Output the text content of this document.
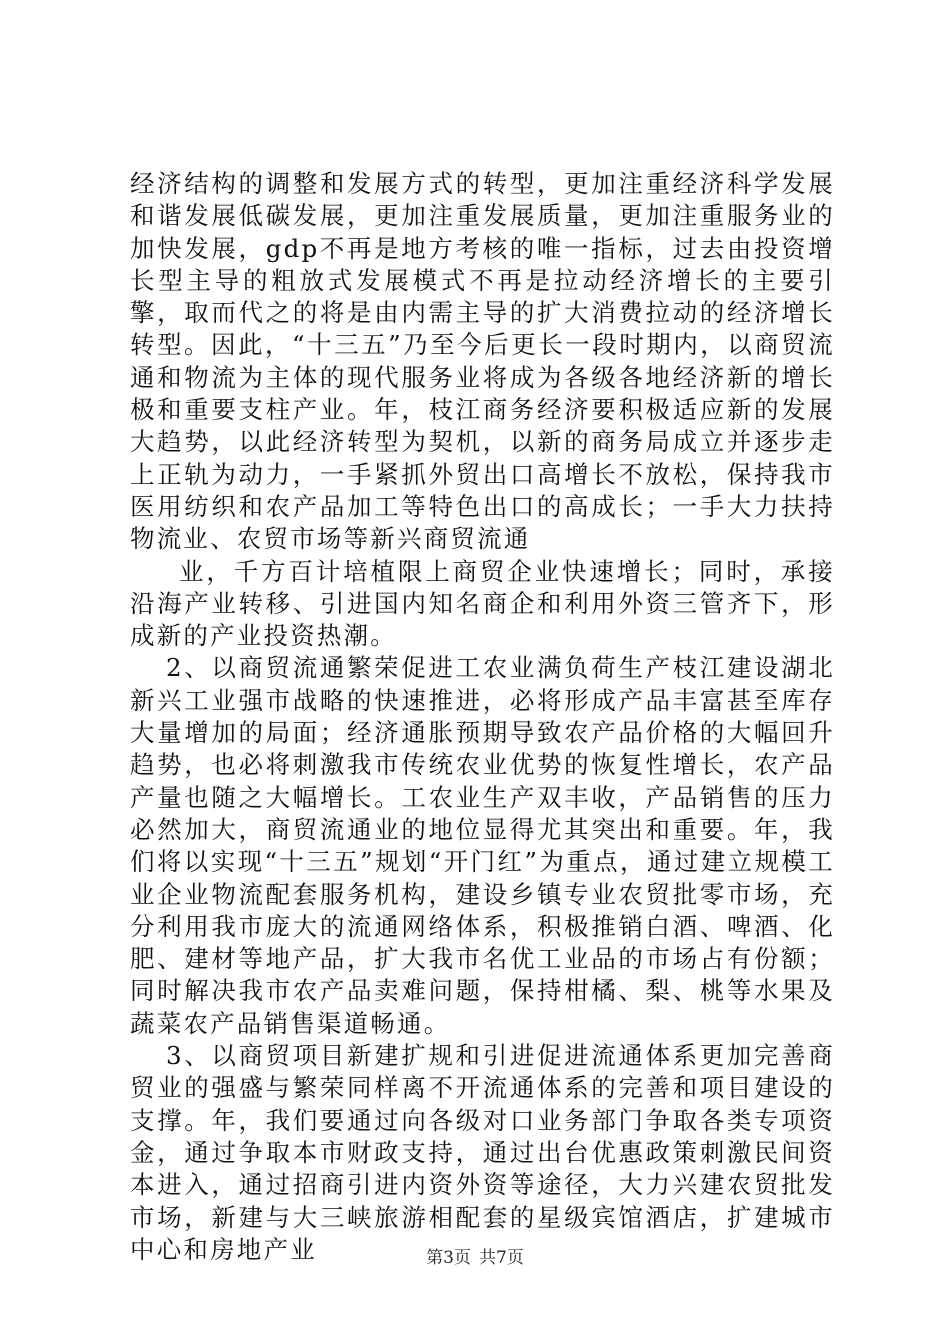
经济结构的调整和发展方式的转型，更加注重经济科学发展和谐发展低碳发展，更加注重发展质量，更加注重服务业的加快发展，gdp不再是地方考核的唯一指标，过去由投资增长型主导的粗放式发展模式不再是拉动经济增长的主要引擎，取而代之的将是由内需主导的扩大消费拉动的经济增长转型。因此，“十三五”乃至今后更长一段时期内，以商贸流通和物流为主体的现代服务业将成为各级各地经济新的增长极和重要支柱产业。年，枝江商务经济要积极适应新的发展大趋势，以此经济转型为契机，以新的商务局成立并逐步走上正轨为动力，一手紧抓外贸出口高增长不放松，保持我市医用纺织和农产品加工等特色出口的高成长；一手大力扶持物流业、农贸市场等新兴商贸流通

业，千方百计培植限上商贸企业快速增长；同时，承接沿海产业转移、引进国内知名商企和利用外资三管齐下，形成新的产业投资热潮。

2、以商贸流通繁荣促进工农业满负荷生产枝江建设湖北新兴工业强市战略的快速推进，必将形成产品丰富甚至库存大量增加的局面；经济通胀预期导致农产品价格的大幅回升趋势，也必将刺激我市传统农业优势的恢复性增长，农产品产量也随之大幅增长。工农业生产双丰收，产品销售的压力必然加大，商贸流通业的地位显得尤其突出和重要。年，我们将以实现“十三五”规划“开门红”为重点，通过建立规模工业企业物流配套服务机构，建设乡镇专业农贸批零市场，充分利用我市庞大的流通网络体系，积极推销白酒、啤酒、化肥、建材等地产品，扩大我市名优工业品的市场占有份额；同时解决我市农产品卖难问题，保持柑橘、梨、桃等水果及蔬菜农产品销售渠道畅通。

3、以商贸项目新建扩规和引进促进流通体系更加完善商贸业的强盛与繁荣同样离不开流通体系的完善和项目建设的支撑。年，我们要通过向各级对口业务部门争取各类专项资金，通过争取本市财政支持，通过出台优惠政策刺激民间资本进入，通过招商引进内资外资等途径，大力兴建农贸批发市场，新建与大三峡旅游相配套的星级宾馆酒店，扩建城市中心和房地产业	第3页 共7页
